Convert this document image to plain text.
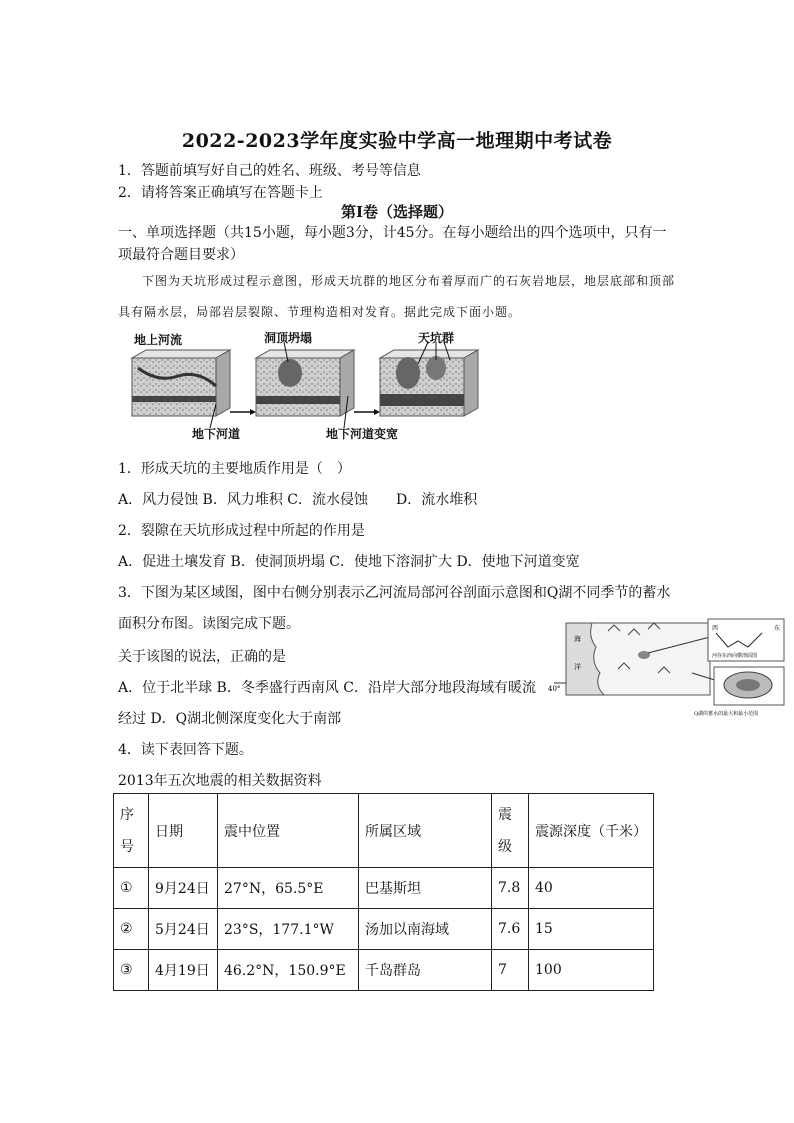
2022-2023学年度实验中学高一地理期中考试卷
1．答题前填写好自己的姓名、班级、考号等信息
2．请将答案正确填写在答题卡上
第I卷（选择题）
一、单项选择题（共15小题，每小题3分，计45分。在每小题给出的四个选项中，只有一项最符合题目要求）
下图为天坑形成过程示意图，形成天坑群的地区分布着厚而广的石灰岩地层，地层底部和顶部具有隔水层，局部岩层裂隙、节理构造相对发育。据此完成下面小题。
地上河流	洞顶坍塌	天坑群
地下河道	地下河道变宽
1．形成天坑的主要地质作用是（　）
A．风力侵蚀 B．风力堆积 C．流水侵蚀　　D．流水堆积
2．裂隙在天坑形成过程中所起的作用是
A．促进土壤发育 B．使洞顶坍塌 C．使地下溶洞扩大 D．使地下河道变宽
3．下图为某区域图，图中右侧分别表示乙河流局部河谷剖面示意图和Q湖不同季节的蓄水
面积分布图。读图完成下题。
关于该图的说法，正确的是
A．位于北半球 B．冬季盛行西南风 C．沿岸大部分地段海域有暖流
经过 D．Q湖北侧深度变化大于南部
海
洋
40°
西	东
河谷东西向横剖面图
Q湖的蓄水的最大和最小范围
4．读下表回答下题。
2013年五次地震的相关数据资料
序号	日期	震中位置	所属区域	震级	震源深度（千米）
①	9月24日	27°N，65.5°E	巴基斯坦	7.8	40
②	5月24日	23°S，177.1°W	汤加以南海域	7.6	15
③	4月19日	46.2°N，150.9°E	千岛群岛	7	100
